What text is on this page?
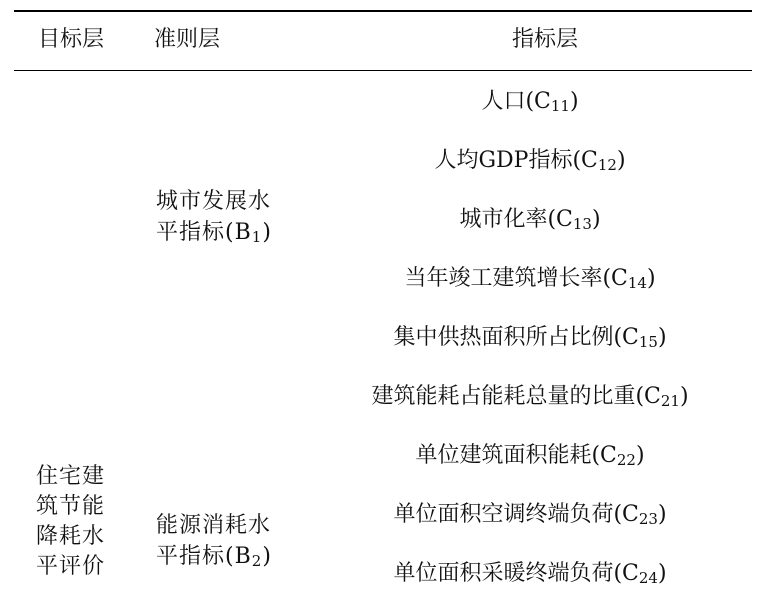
目标层 准则层	指标层
住宅建筑节能降耗水平评价
城市发展水
平指标$(B_1)$
能源消耗水
平指标$(B_2)$
人口$(C_{11})$
人均GDP指标$(C_{12})$
城市化率$(C_{13})$
当年竣工建筑增长率$(C_{14})$
集中供热面积所占比例$(C_{15})$
建筑能耗占能耗总量的比重$(C_{21})$
单位建筑面积能耗$(C_{22})$
单位面积空调终端负荷$(C_{23})$
单位面积采暖终端负荷$(C_{24})$
